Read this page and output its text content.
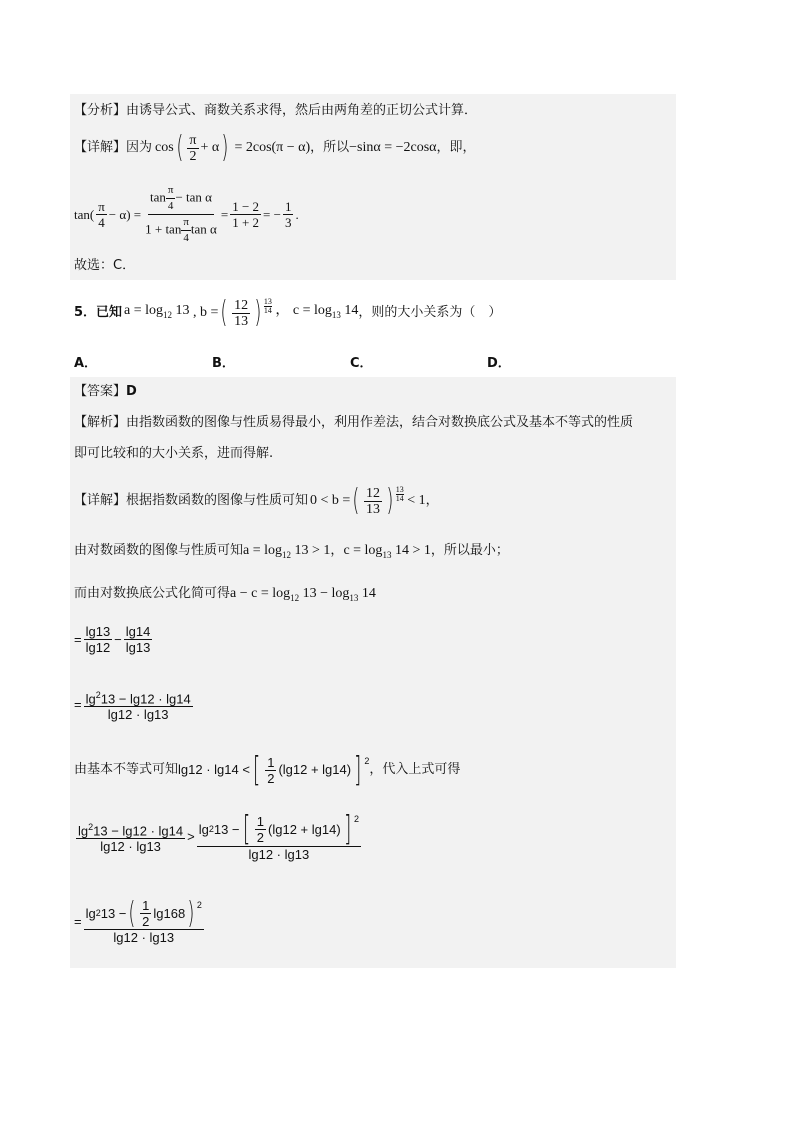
【分析】由诱导公式、商数关系求得，然后由两角差的正切公式计算．
【详解】 因为 cos ( $\frac{\pi}{2} + \alpha$ ) = 2cos(π − α) ，所以 −sinα = −2cosα ，即，
$\tan( \frac{\pi}{4} - \alpha) = \frac{\tan \frac{\pi}{4} - \tan \alpha}{1 + \tan \frac{\pi}{4} \tan \alpha} = \frac{1 - 2}{1 + 2}$ = − $\frac{1}{3}$ .
故选：C．
5．已知 $a = \log_{12} 13$ , b = ( $\frac{12}{13}$ ) 13
14 ， $c = \log_{13} 14$ ，则的大小关系为（　）
A．	B．	C．	D．
【答案】D
【解析】由指数函数的图像与性质易得最小，利用作差法，结合对数换底公式及基本不等式的性质
即可比较和的大小关系，进而得解.
【详解】 根据指数函数的图像与性质可知 0 < b = ( $\frac{12}{13}$ ) 13
14 < 1 ，
由对数函数的图像与性质可知$a = \log_{12} 13 > 1$，$c = \log_{13} 14 > 1$，所以最小；
而由对数换底公式化简可得$a - c = \log_{12} 13 - \log_{13} 14$
= $\frac{\lg 13}{\lg 12} - \frac{\lg 14}{\lg 13}$
= $\frac{\lg^213 - \lg 12 \cdot \lg 14}{\lg 12 \cdot \lg 13}$
由基本不等式可知 lg12 · lg14 < [ $\frac{1}{2} (\lg 12 + \lg 14)$ ] 2
，代入上式可得
$\frac{\lg^213 - \lg 12 \cdot \lg 14}{\lg 12 \cdot \lg 13} > \frac{\lg 2 13 - [ \frac{1}{2} (\lg 12 + \lg 14) ] 2}{\lg 12 \cdot \lg 13}$
= $\frac{\lg 2 13 - ( \frac{1}{2} \lg 168 ) 2}{\lg 12 \cdot \lg 13}$
